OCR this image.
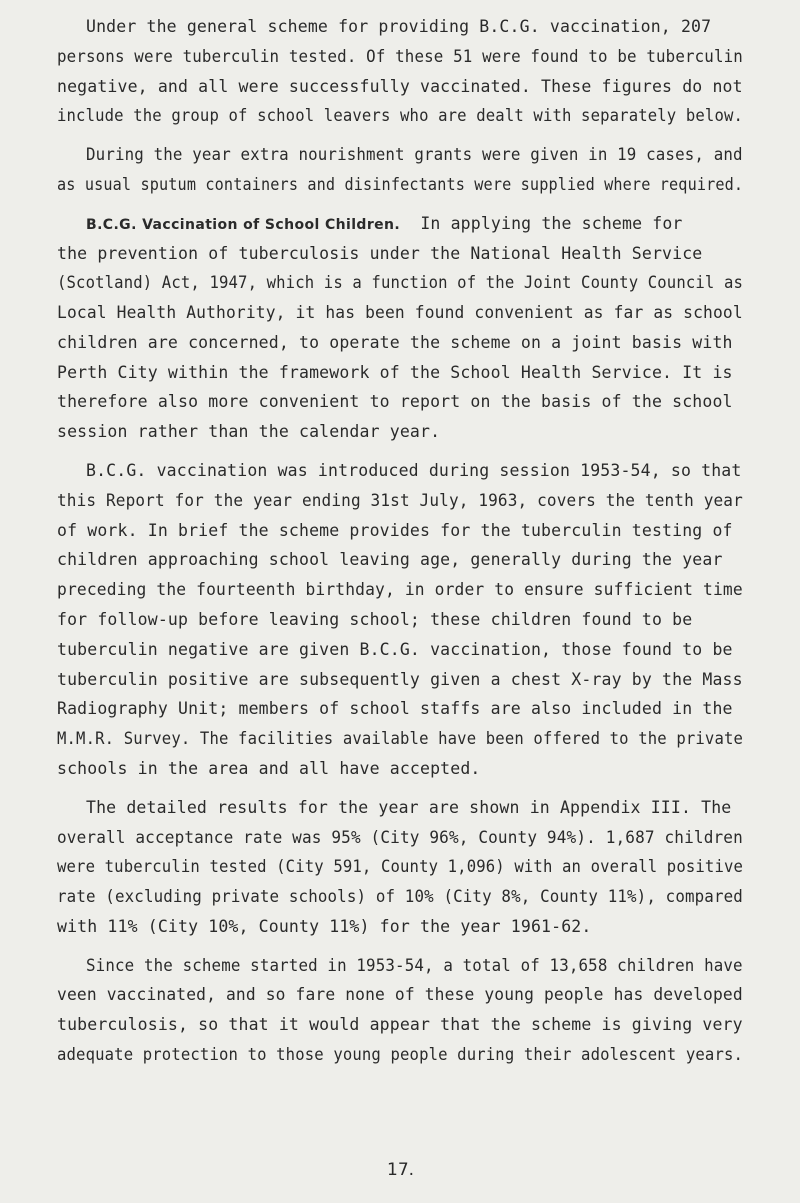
Under the general scheme for providing B.C.G. vaccination, 207
persons were tuberculin tested. Of these 51 were found to be tuberculin
negative, and all were successfully vaccinated. These figures do not
include the group of school leavers who are dealt with separately below.
During the year extra nourishment grants were given in 19 cases, and
as usual sputum containers and disinfectants were supplied where required.
B.C.G. Vaccination of School Children. In applying the scheme for
the prevention of tuberculosis under the National Health Service
(Scotland) Act, 1947, which is a function of the Joint County Council as
Local Health Authority, it has been found convenient as far as school
children are concerned, to operate the scheme on a joint basis with
Perth City within the framework of the School Health Service. It is
therefore also more convenient to report on the basis of the school
session rather than the calendar year.
B.C.G. vaccination was introduced during session 1953-54, so that
this Report for the year ending 31st July, 1963, covers the tenth year
of work. In brief the scheme provides for the tuberculin testing of
children approaching school leaving age, generally during the year
preceding the fourteenth birthday, in order to ensure sufficient time
for follow-up before leaving school; these children found to be
tuberculin negative are given B.C.G. vaccination, those found to be
tuberculin positive are subsequently given a chest X-ray by the Mass
Radiography Unit; members of school staffs are also included in the
M.M.R. Survey. The facilities available have been offered to the private
schools in the area and all have accepted.
The detailed results for the year are shown in Appendix III. The
overall acceptance rate was 95% (City 96%, County 94%). 1,687 children
were tuberculin tested (City 591, County 1,096) with an overall positive
rate (excluding private schools) of 10% (City 8%, County 11%), compared
with 11% (City 10%, County 11%) for the year 1961-62.
Since the scheme started in 1953-54, a total of 13,658 children have
veen vaccinated, and so fare none of these young people has developed
tuberculosis, so that it would appear that the scheme is giving very
adequate protection to those young people during their adolescent years.
17.
